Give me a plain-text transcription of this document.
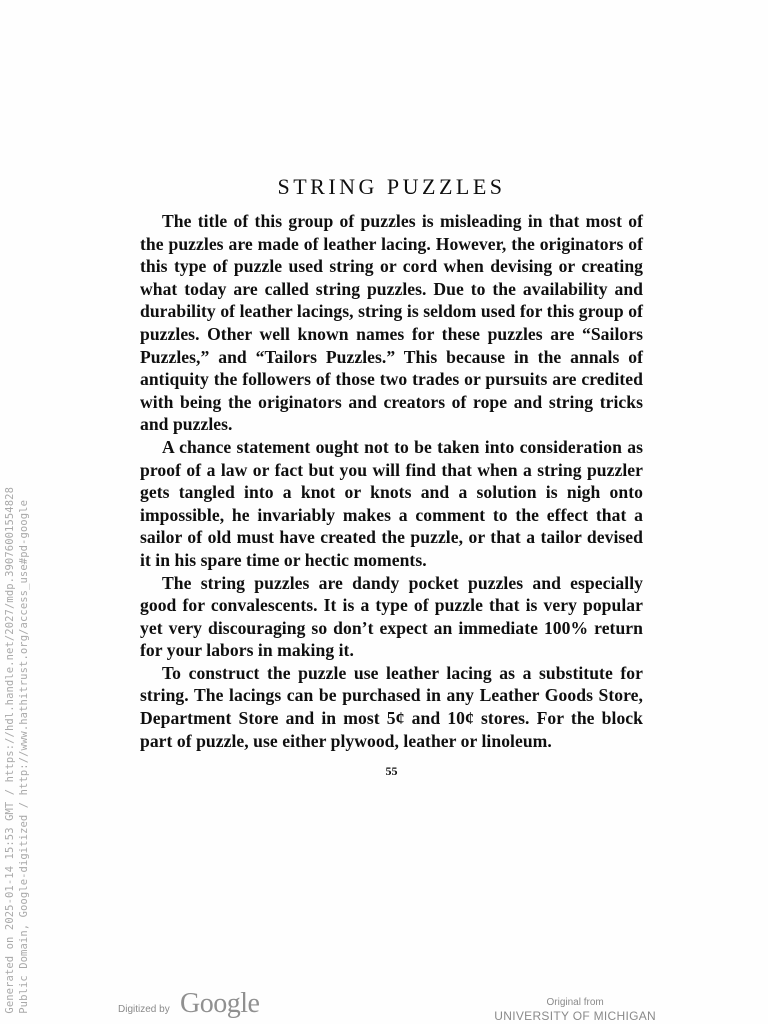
Generated on 2025-01-14 15:53 GMT / https://hdl.handle.net/2027/mdp.39076001554828 Public Domain, Google-digitized / http://www.hathitrust.org/access_use#pd-google
STRING PUZZLES

The title of this group of puzzles is misleading in that most of the puzzles are made of leather lacing. However, the originators of this type of puzzle used string or cord when devising or creating what today are called string puzzles. Due to the availability and durability of leather lacings, string is seldom used for this group of puzzles. Other well known names for these puzzles are “Sailors Puzzles,” and “Tailors Puzzles.” This because in the annals of antiquity the followers of those two trades or pursuits are credited with being the originators and creators of rope and string tricks and puzzles.

A chance statement ought not to be taken into consideration as proof of a law or fact but you will find that when a string puzzler gets tangled into a knot or knots and a solution is nigh onto impossible, he invariably makes a comment to the effect that a sailor of old must have created the puzzle, or that a tailor devised it in his spare time or hectic moments.

The string puzzles are dandy pocket puzzles and especially good for convalescents. It is a type of puzzle that is very popular yet very discouraging so don’t expect an immediate 100% return for your labors in making it.

To construct the puzzle use leather lacing as a substitute for string. The lacings can be purchased in any Leather Goods Store, Department Store and in most 5¢ and 10¢ stores. For the block part of puzzle, use either plywood, leather or linoleum.

55
Digitized by Google	Original from
UNIVERSITY OF MICHIGAN
